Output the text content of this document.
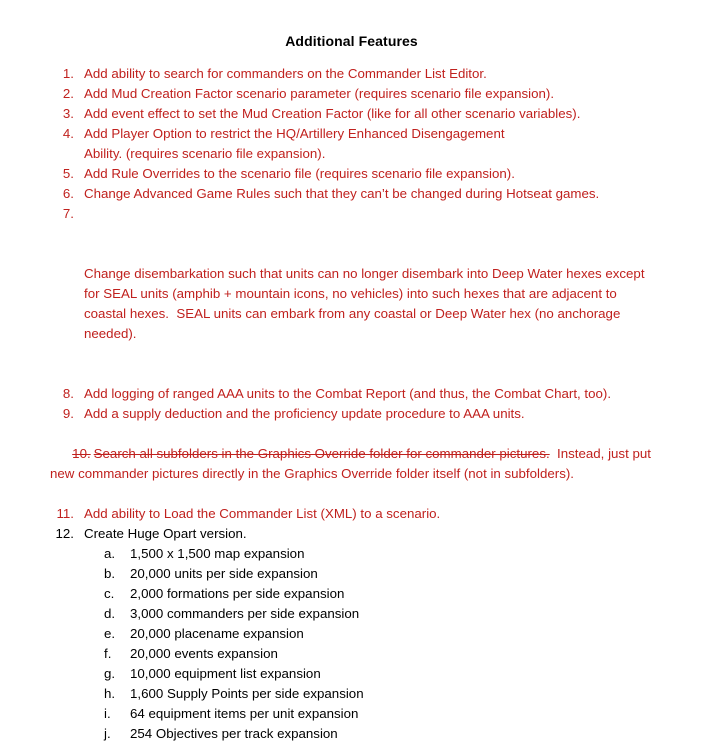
Additional Features
1. Add ability to search for commanders on the Commander List Editor.
2. Add Mud Creation Factor scenario parameter (requires scenario file expansion).
3. Add event effect to set the Mud Creation Factor (like for all other scenario variables).
4. Add Player Option to restrict the HQ/Artillery Enhanced Disengagement Ability. (requires scenario file expansion).
5. Add Rule Overrides to the scenario file (requires scenario file expansion).
6. Change Advanced Game Rules such that they can’t be changed during Hotseat games.

7.

Change disembarkation such that units can no longer disembark into Deep Water hexes except for SEAL units (amphib + mountain icons, no vehicles) into such hexes that are adjacent to coastal hexes.  SEAL units can embark from any coastal or Deep Water hex (no anchorage needed).

8. Add logging of ranged AAA units to the Combat Report (and thus, the Combat Chart, too).
9. Add a supply deduction and the proficiency update procedure to AAA units.

10. Search all subfolders in the Graphics Override folder for commander pictures.  Instead, just put new commander pictures directly in the Graphics Override folder itself (not in subfolders).

11. Add ability to Load the Commander List (XML) to a scenario.
12. Create Huge Opart version.
a.	1,500 x 1,500 map expansion
b.	20,000 units per side expansion
c.	2,000 formations per side expansion
d.	3,000 commanders per side expansion
e.	20,000 placename expansion
f.	20,000 events expansion
g.	10,000 equipment list expansion
h.	1,600 Supply Points per side expansion
i.	64 equipment items per unit expansion
j.	254 Objectives per track expansion
